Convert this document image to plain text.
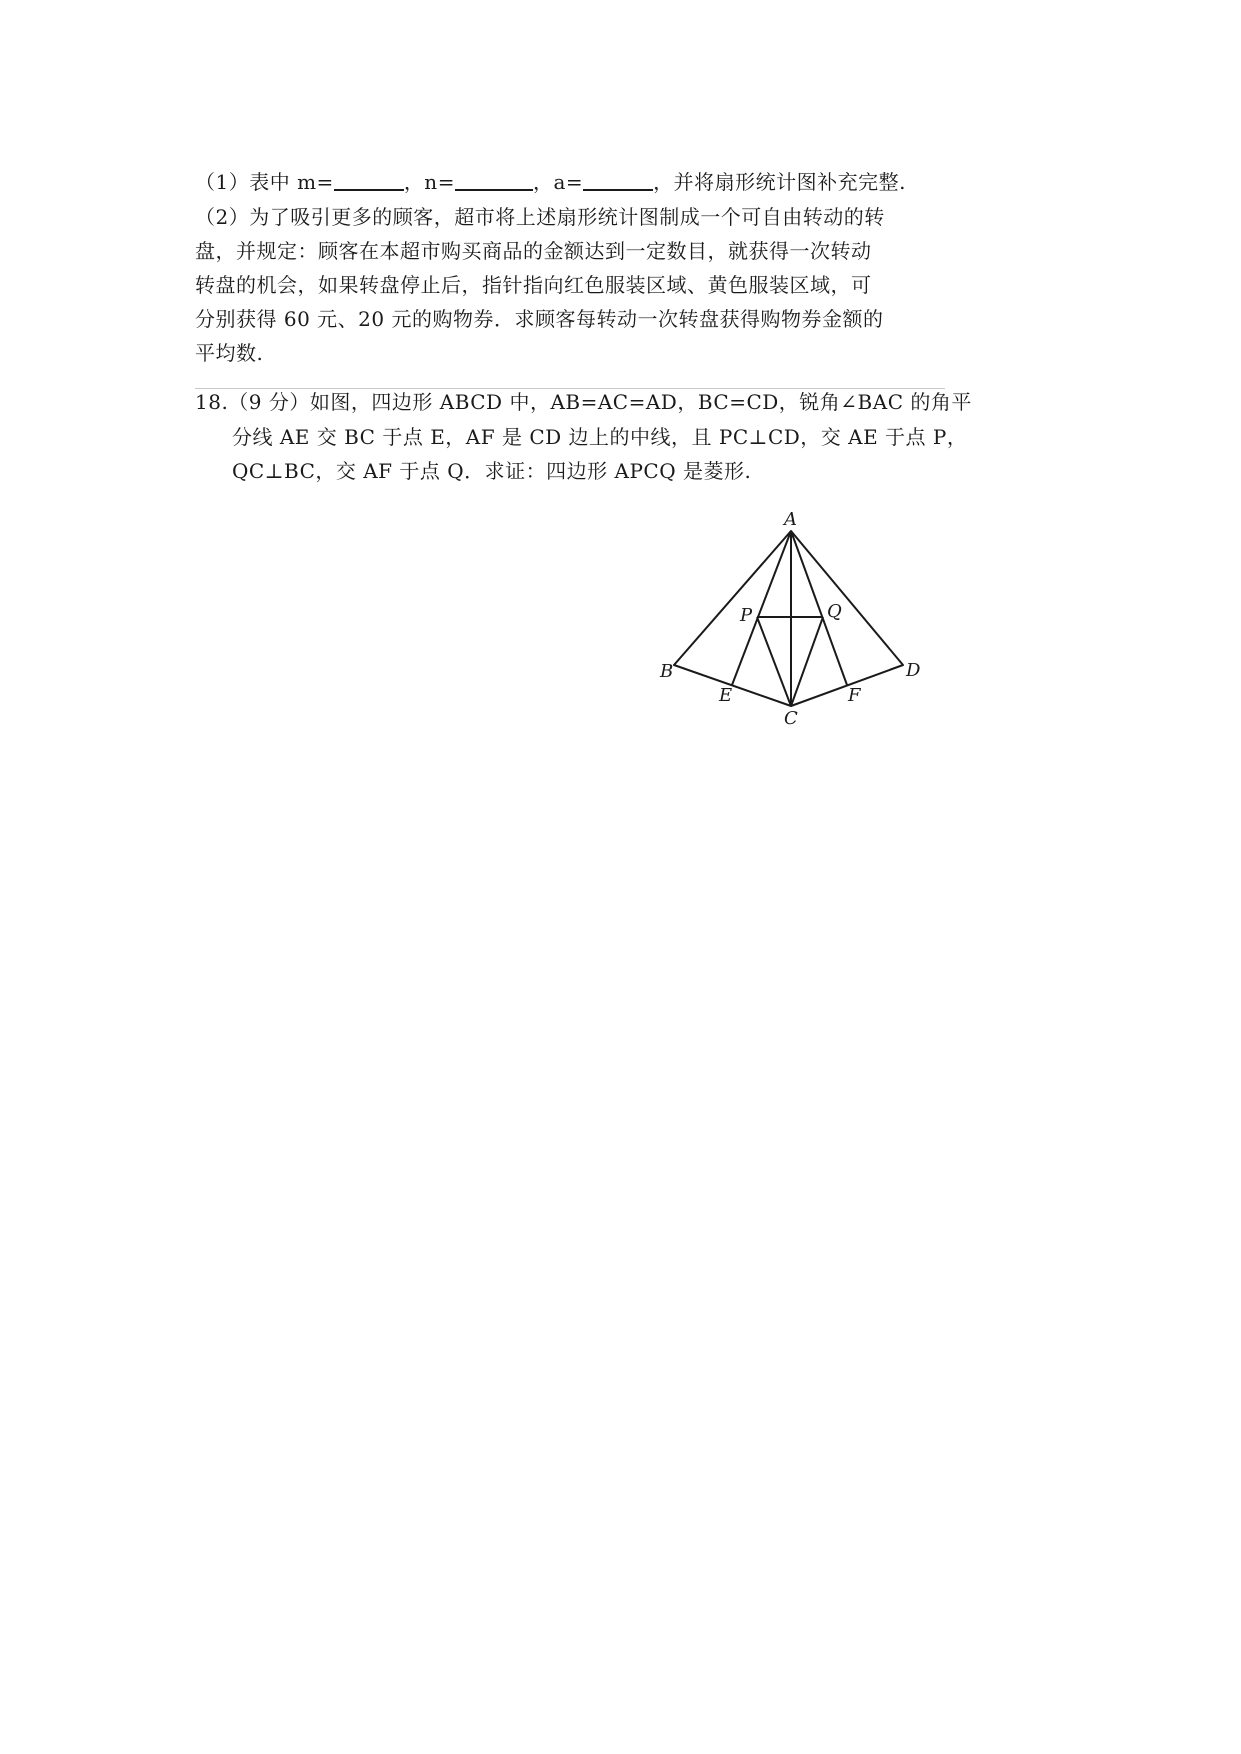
（1）表中 m=	，n=	，a=	，并将扇形统计图补充完整.
（2）为了吸引更多的顾客，超市将上述扇形统计图制成一个可自由转动的转
盘，并规定：顾客在本超市购买商品的金额达到一定数目，就获得一次转动
转盘的机会，如果转盘停止后，指针指向红色服装区域、黄色服装区域，可
分别获得 60 元、20 元的购物券．求顾客每转动一次转盘获得购物券金额的
平均数.
18.（9 分）如图，四边形 ABCD 中，AB=AC=AD，BC=CD，锐角∠BAC 的角平
分线 AE 交 BC 于点 E，AF 是 CD 边上的中线，且 PC⊥CD，交 AE 于点 P，
QC⊥BC，交 AF 于点 Q．求证：四边形 APCQ 是菱形.
A
B
C
D
E	F
P	Q
